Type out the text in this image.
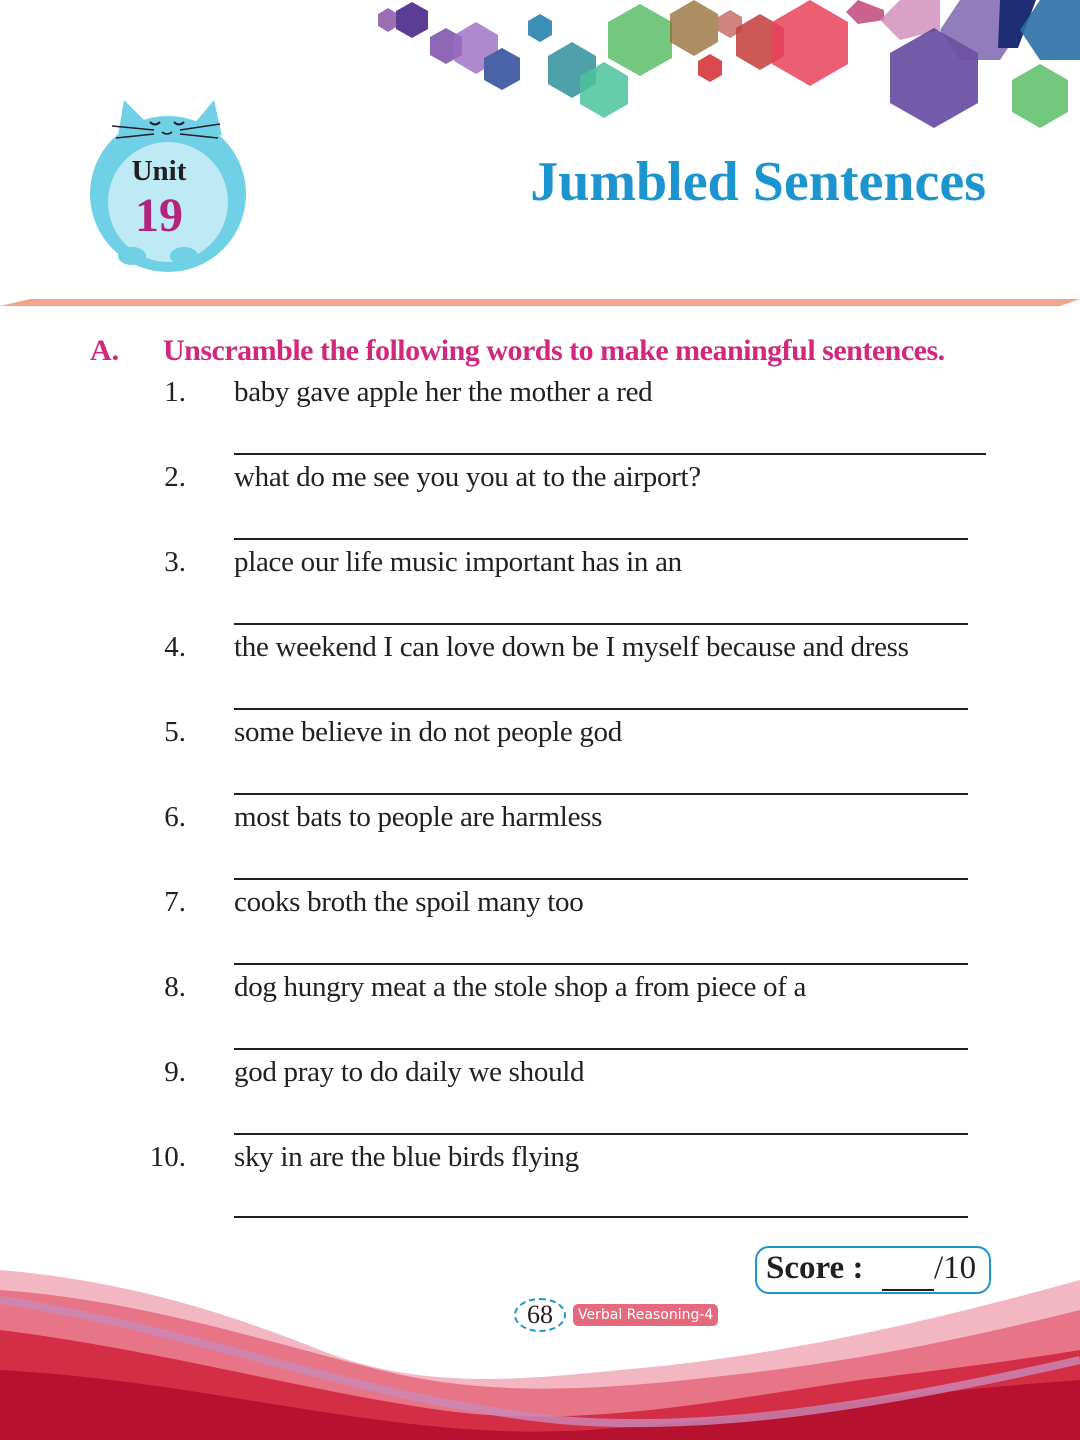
Unit
19
Jumbled Sentences
A. Unscramble the following words to make meaningful sentences.
1. baby gave apple her the mother a red
2. what do me see you you at to the airport?
3. place our life music important has in an
4. the weekend I can love down be I myself because and dress
5. some believe in do not people god
6. most bats to people are harmless
7. cooks broth the spoil many too
8. dog hungry meat a the stole shop a from piece of a
9. god pray to do daily we should
10. sky in are the blue birds flying
Score : /10
68	Verbal Reasoning-4
